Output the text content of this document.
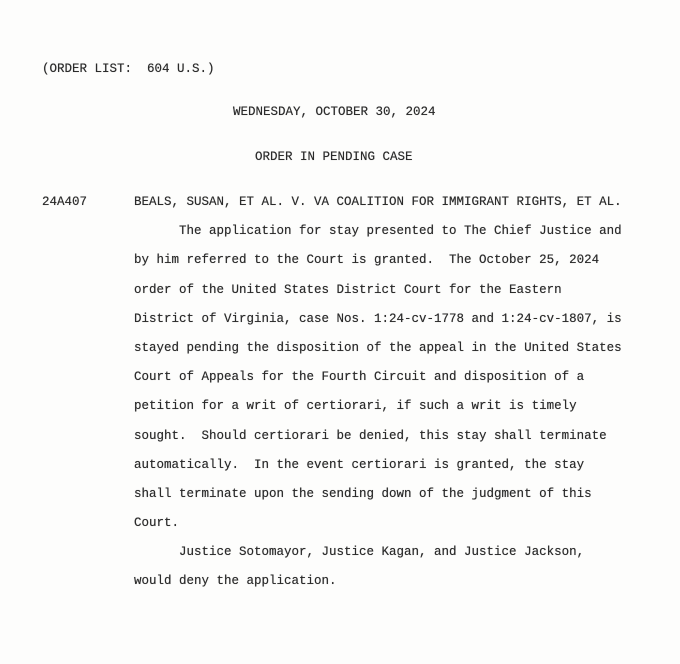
(ORDER LIST:  604 U.S.)
WEDNESDAY, OCTOBER 30, 2024
ORDER IN PENDING CASE
24A407	BEALS, SUSAN, ET AL. V. VA COALITION FOR IMMIGRANT RIGHTS, ET AL.
The application for stay presented to The Chief Justice and
by him referred to the Court is granted.  The October 25, 2024
order of the United States District Court for the Eastern
District of Virginia, case Nos. 1:24-cv-1778 and 1:24-cv-1807, is
stayed pending the disposition of the appeal in the United States
Court of Appeals for the Fourth Circuit and disposition of a
petition for a writ of certiorari, if such a writ is timely
sought.  Should certiorari be denied, this stay shall terminate
automatically.  In the event certiorari is granted, the stay
shall terminate upon the sending down of the judgment of this
Court.
Justice Sotomayor, Justice Kagan, and Justice Jackson,
would deny the application.
